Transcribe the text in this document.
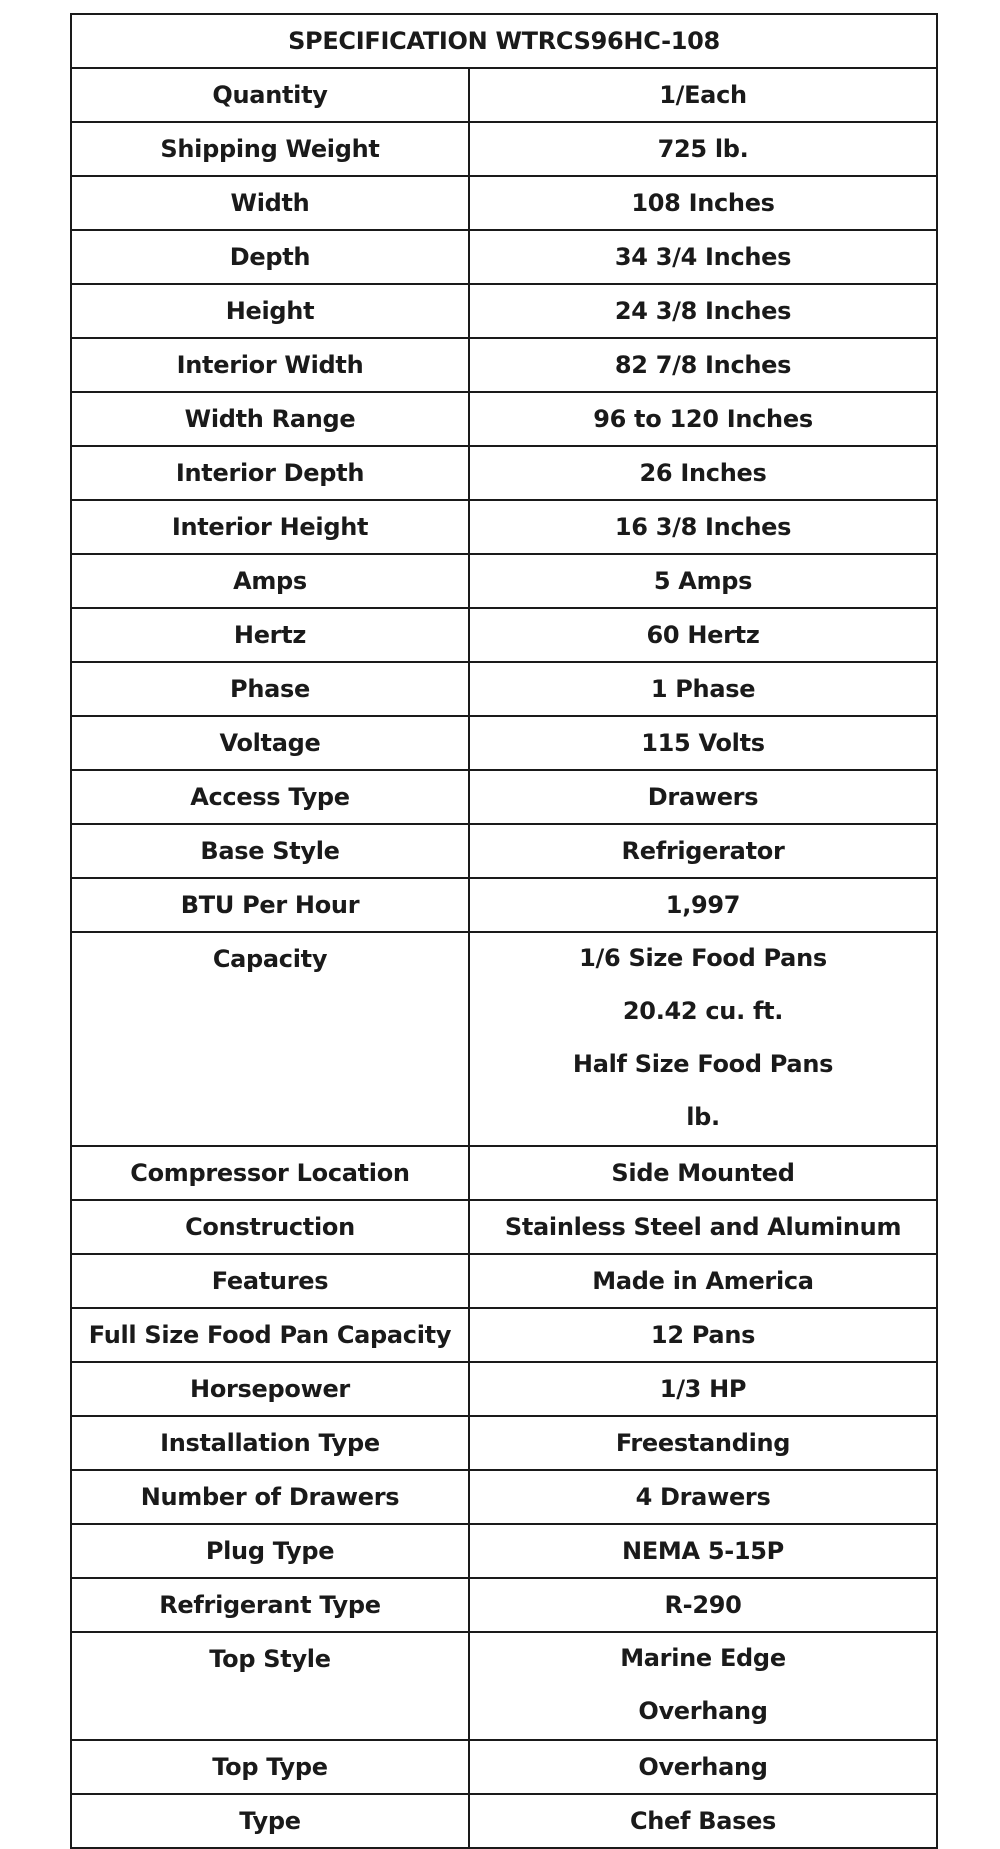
SPECIFICATION WTRCS96HC-108	

Quantity	1/Each

Shipping Weight	725 lb.

Width	108 Inches

Depth	34 3/4 Inches

Height	24 3/8 Inches

Interior Width	82 7/8 Inches

Width Range	96 to 120 Inches

Interior Depth	26 Inches

Interior Height	16 3/8 Inches

Amps	5 Amps

Hertz	60 Hertz

Phase	1 Phase

Voltage	115 Volts

Access Type	Drawers

Base Style	Refrigerator

BTU Per Hour	1,997

Capacity	1/6 Size Food Pans
20.42 cu. ft.
Half Size Food Pans
lb.

Compressor Location	Side Mounted

Construction	Stainless Steel and Aluminum

Features	Made in America

Full Size Food Pan Capacity	12 Pans

Horsepower	1/3 HP

Installation Type	Freestanding

Number of Drawers	4 Drawers

Plug Type	NEMA 5-15P

Refrigerant Type	R-290

Top Style	Marine Edge
Overhang

Top Type	Overhang

Type	Chef Bases
